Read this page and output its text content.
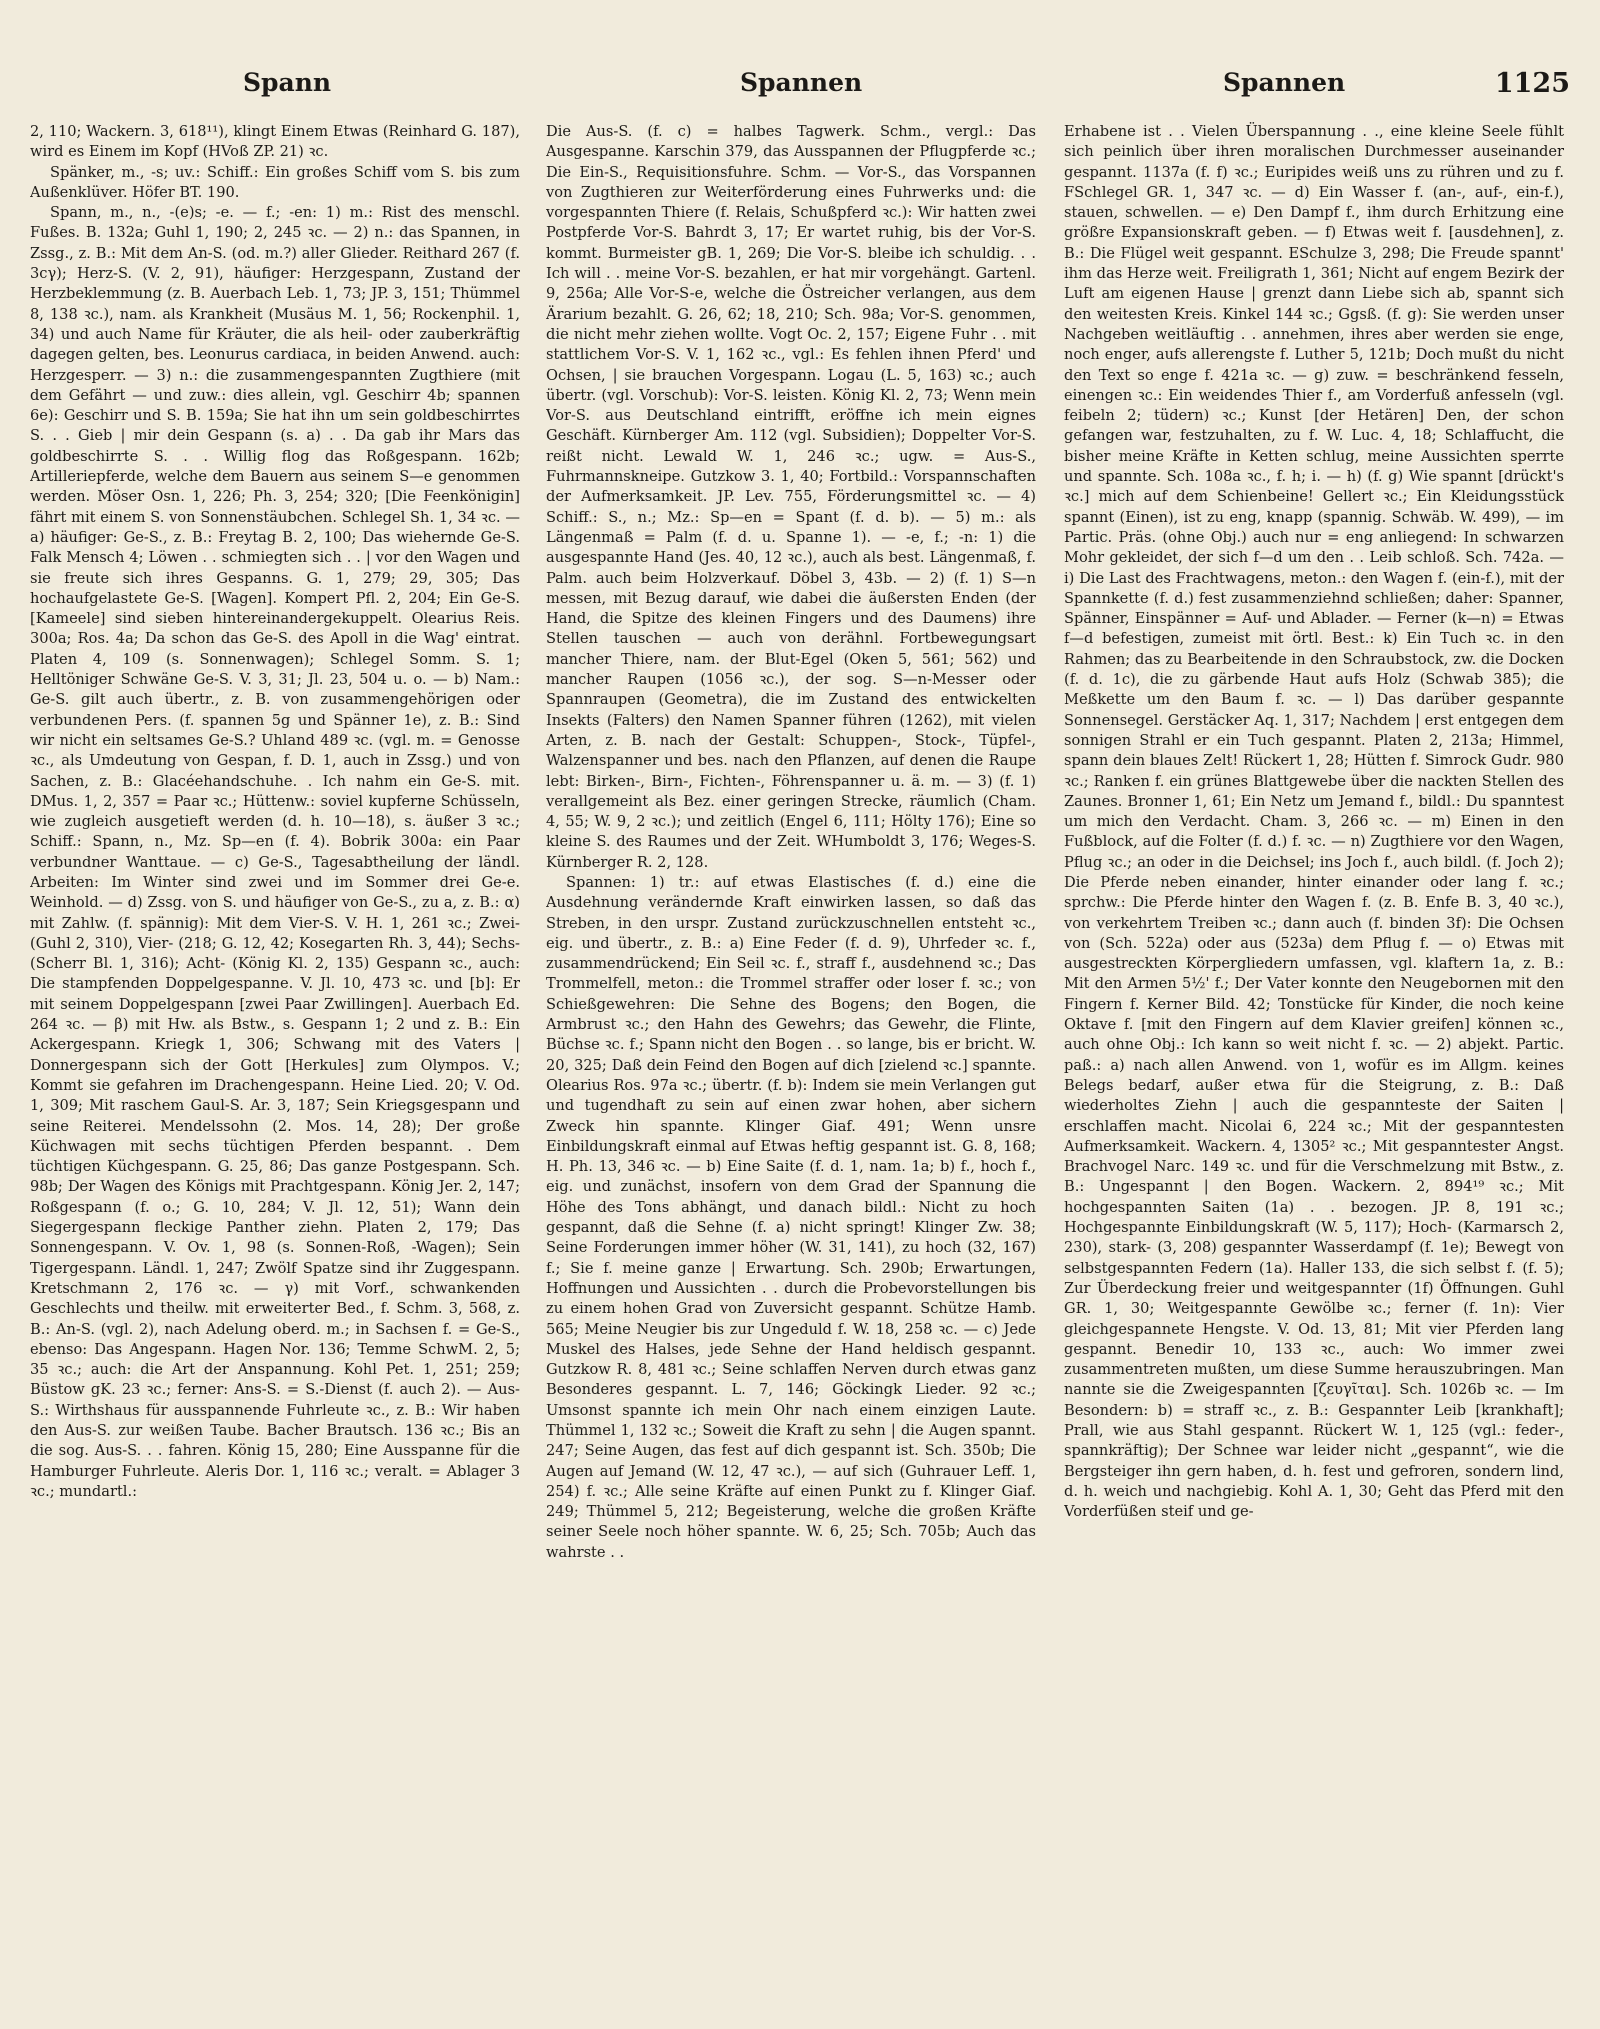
Spann	Spannen	Spannen	1125

2, 110; Wackern. 3, 618¹¹), klingt Einem Etwas (Reinhard G. 187), wird es Einem im Kopf (HVoß ZP. 21) ꝛc.

Spänker, m., -s; uv.: Schiff.: Ein großes Schiff vom S. bis zum Außenklüver. Höfer BT. 190.

Spann, m., n., -(e)s; -e. — f.; -en: 1) m.: Rist des menschl. Fußes. B. 132a; Guhl 1, 190; 2, 245 ꝛc. — 2) n.: das Spannen, in Zssg., z. B.: Mit dem An-S. (od. m.?) aller Glieder. Reithard 267 (f. 3cγ); Herz-S. (V. 2, 91), häufiger: Herzgespann, Zustand der Herzbeklemmung (z. B. Auerbach Leb. 1, 73; JP. 3, 151; Thümmel 8, 138 ꝛc.), nam. als Krankheit (Musäus M. 1, 56; Rockenphil. 1, 34) und auch Name für Kräuter, die als heil- oder zauberkräftig dagegen gelten, bes. Leonurus cardiaca, in beiden Anwend. auch: Herzgesperr. — 3) n.: die zusammengespannten Zugthiere (mit dem Gefährt — und zuw.: dies allein, vgl. Geschirr 4b; spannen 6e): Geschirr und S. B. 159a; Sie hat ihn um sein goldbeschirrtes S. . . Gieb | mir dein Gespann (s. a) . . Da gab ihr Mars das goldbeschirrte S. . . Willig flog das Roßgespann. 162b; Artilleriepferde, welche dem Bauern aus seinem S—e genommen werden. Möser Osn. 1, 226; Ph. 3, 254; 320; [Die Feenkönigin] fährt mit einem S. von Sonnenstäubchen. Schlegel Sh. 1, 34 ꝛc. — a) häufiger: Ge-S., z. B.: Freytag B. 2, 100; Das wiehernde Ge-S. Falk Mensch 4; Löwen . . schmiegten sich . . | vor den Wagen und sie freute sich ihres Gespanns. G. 1, 279; 29, 305; Das hochaufgelastete Ge-S. [Wagen]. Kompert Pfl. 2, 204; Ein Ge-S. [Kameele] sind sieben hintereinandergekuppelt. Olearius Reis. 300a; Ros. 4a; Da schon das Ge-S. des Apoll in die Wag' eintrat. Platen 4, 109 (s. Sonnenwagen); Schlegel Somm. S. 1; Helltöniger Schwäne Ge-S. V. 3, 31; Jl. 23, 504 u. o. — b) Nam.: Ge-S. gilt auch übertr., z. B. von zusammengehörigen oder verbundenen Pers. (f. spannen 5g und Spänner 1e), z. B.: Sind wir nicht ein seltsames Ge-S.? Uhland 489 ꝛc. (vgl. m. = Genosse ꝛc., als Umdeutung von Gespan, f. D. 1, auch in Zssg.) und von Sachen, z. B.: Glacéehandschuhe. . Ich nahm ein Ge-S. mit. DMus. 1, 2, 357 = Paar ꝛc.; Hüttenw.: soviel kupferne Schüsseln, wie zugleich ausgetieft werden (d. h. 10—18), s. äußer 3 ꝛc.; Schiff.: Spann, n., Mz. Sp—en (f. 4). Bobrik 300a: ein Paar verbundner Wanttaue. — c) Ge-S., Tagesabtheilung der ländl. Arbeiten: Im Winter sind zwei und im Sommer drei Ge-e. Weinhold. — d) Zssg. von S. und häufiger von Ge-S., zu a, z. B.: α) mit Zahlw. (f. spännig): Mit dem Vier-S. V. H. 1, 261 ꝛc.; Zwei- (Guhl 2, 310), Vier- (218; G. 12, 42; Kosegarten Rh. 3, 44); Sechs- (Scherr Bl. 1, 316); Acht- (König Kl. 2, 135) Gespann ꝛc., auch: Die stampfenden Doppelgespanne. V. Jl. 10, 473 ꝛc. und [b]: Er mit seinem Doppelgespann [zwei Paar Zwillingen]. Auerbach Ed. 264 ꝛc. — β) mit Hw. als Bstw., s. Gespann 1; 2 und z. B.: Ein Ackergespann. Kriegk 1, 306; Schwang mit des Vaters | Donnergespann sich der Gott [Herkules] zum Olympos. V.; Kommt sie gefahren im Drachengespann. Heine Lied. 20; V. Od. 1, 309; Mit raschem Gaul-S. Ar. 3, 187; Sein Kriegsgespann und seine Reiterei. Mendelssohn (2. Mos. 14, 28); Der große Küchwagen mit sechs tüchtigen Pferden bespannt. . Dem tüchtigen Küchgespann. G. 25, 86; Das ganze Postgespann. Sch. 98b; Der Wagen des Königs mit Prachtgespann. König Jer. 2, 147; Roßgespann (f. o.; G. 10, 284; V. Jl. 12, 51); Wann dein Siegergespann fleckige Panther ziehn. Platen 2, 179; Das Sonnengespann. V. Ov. 1, 98 (s. Sonnen-Roß, -Wagen); Sein Tigergespann. Ländl. 1, 247; Zwölf Spatze sind ihr Zuggespann. Kretschmann 2, 176 ꝛc. — γ) mit Vorf., schwankenden Geschlechts und theilw. mit erweiterter Bed., f. Schm. 3, 568, z. B.: An-S. (vgl. 2), nach Adelung oberd. m.; in Sachsen f. = Ge-S., ebenso: Das Angespann. Hagen Nor. 136; Temme SchwM. 2, 5; 35 ꝛc.; auch: die Art der Anspannung. Kohl Pet. 1, 251; 259; Büstow gK. 23 ꝛc.; ferner: Ans-S. = S.-Dienst (f. auch 2). — Aus-S.: Wirthshaus für ausspannende Fuhrleute ꝛc., z. B.: Wir haben den Aus-S. zur weißen Taube. Bacher Brautsch. 136 ꝛc.; Bis an die sog. Aus-S. . . fahren. König 15, 280; Eine Ausspanne für die Hamburger Fuhrleute. Aleris Dor. 1, 116 ꝛc.; veralt. = Ablager 3 ꝛc.; mundartl.:

Die Aus-S. (f. c) = halbes Tagwerk. Schm., vergl.: Das Ausgespanne. Karschin 379, das Ausspannen der Pflugpferde ꝛc.; Die Ein-S., Requisitionsfuhre. Schm. — Vor-S., das Vorspannen von Zugthieren zur Weiterförderung eines Fuhrwerks und: die vorgespannten Thiere (f. Relais, Schußpferd ꝛc.): Wir hatten zwei Postpferde Vor-S. Bahrdt 3, 17; Er wartet ruhig, bis der Vor-S. kommt. Burmeister gB. 1, 269; Die Vor-S. bleibe ich schuldig. . . Ich will . . meine Vor-S. bezahlen, er hat mir vorgehängt. Gartenl. 9, 256a; Alle Vor-S-e, welche die Östreicher verlangen, aus dem Ärarium bezahlt. G. 26, 62; 18, 210; Sch. 98a; Vor-S. genommen, die nicht mehr ziehen wollte. Vogt Oc. 2, 157; Eigene Fuhr . . mit stattlichem Vor-S. V. 1, 162 ꝛc., vgl.: Es fehlen ihnen Pferd' und Ochsen, | sie brauchen Vorgespann. Logau (L. 5, 163) ꝛc.; auch übertr. (vgl. Vorschub): Vor-S. leisten. König Kl. 2, 73; Wenn mein Vor-S. aus Deutschland eintrifft, eröffne ich mein eignes Geschäft. Kürnberger Am. 112 (vgl. Subsidien); Doppelter Vor-S. reißt nicht. Lewald W. 1, 246 ꝛc.; ugw. = Aus-S., Fuhrmannskneipe. Gutzkow 3. 1, 40; Fortbild.: Vorspannschaften der Aufmerksamkeit. JP. Lev. 755, Förderungsmittel ꝛc. — 4) Schiff.: S., n.; Mz.: Sp—en = Spant (f. d. b). — 5) m.: als Längenmaß = Palm (f. d. u. Spanne 1). — -e, f.; -n: 1) die ausgespannte Hand (Jes. 40, 12 ꝛc.), auch als best. Längenmaß, f. Palm. auch beim Holzverkauf. Döbel 3, 43b. — 2) (f. 1) S—n messen, mit Bezug darauf, wie dabei die äußersten Enden (der Hand, die Spitze des kleinen Fingers und des Daumens) ihre Stellen tauschen — auch von derähnl. Fortbewegungsart mancher Thiere, nam. der Blut-Egel (Oken 5, 561; 562) und mancher Raupen (1056 ꝛc.), der sog. S—n-Messer oder Spannraupen (Geometra), die im Zustand des entwickelten Insekts (Falters) den Namen Spanner führen (1262), mit vielen Arten, z. B. nach der Gestalt: Schuppen-, Stock-, Tüpfel-, Walzenspanner und bes. nach den Pflanzen, auf denen die Raupe lebt: Birken-, Birn-, Fichten-, Föhrenspanner u. ä. m. — 3) (f. 1) verallgemeint als Bez. einer geringen Strecke, räumlich (Cham. 4, 55; W. 9, 2 ꝛc.); und zeitlich (Engel 6, 111; Hölty 176); Eine so kleine S. des Raumes und der Zeit. WHumboldt 3, 176; Weges-S. Kürnberger R. 2, 128.

Spannen: 1) tr.: auf etwas Elastisches (f. d.) eine die Ausdehnung verändernde Kraft einwirken lassen, so daß das Streben, in den urspr. Zustand zurückzuschnellen entsteht ꝛc., eig. und übertr., z. B.: a) Eine Feder (f. d. 9), Uhrfeder ꝛc. f., zusammendrückend; Ein Seil ꝛc. f., straff f., ausdehnend ꝛc.; Das Trommelfell, meton.: die Trommel straffer oder loser f. ꝛc.; von Schießgewehren: Die Sehne des Bogens; den Bogen, die Armbrust ꝛc.; den Hahn des Gewehrs; das Gewehr, die Flinte, Büchse ꝛc. f.; Spann nicht den Bogen . . so lange, bis er bricht. W. 20, 325; Daß dein Feind den Bogen auf dich [zielend ꝛc.] spannte. Olearius Ros. 97a ꝛc.; übertr. (f. b): Indem sie mein Verlangen gut und tugendhaft zu sein auf einen zwar hohen, aber sichern Zweck hin spannte. Klinger Giaf. 491; Wenn unsre Einbildungskraft einmal auf Etwas heftig gespannt ist. G. 8, 168; H. Ph. 13, 346 ꝛc. — b) Eine Saite (f. d. 1, nam. 1a; b) f., hoch f., eig. und zunächst, insofern von dem Grad der Spannung die Höhe des Tons abhängt, und danach bildl.: Nicht zu hoch gespannt, daß die Sehne (f. a) nicht springt! Klinger Zw. 38; Seine Forderungen immer höher (W. 31, 141), zu hoch (32, 167) f.; Sie f. meine ganze | Erwartung. Sch. 290b; Erwartungen, Hoffnungen und Aussichten . . durch die Probevorstellungen bis zu einem hohen Grad von Zuversicht gespannt. Schütze Hamb. 565; Meine Neugier bis zur Ungeduld f. W. 18, 258 ꝛc. — c) Jede Muskel des Halses, jede Sehne der Hand heldisch gespannt. Gutzkow R. 8, 481 ꝛc.; Seine schlaffen Nerven durch etwas ganz Besonderes gespannt. L. 7, 146; Göckingk Lieder. 92 ꝛc.; Umsonst spannte ich mein Ohr nach einem einzigen Laute. Thümmel 1, 132 ꝛc.; Soweit die Kraft zu sehn | die Augen spannt. 247; Seine Augen, das fest auf dich gespannt ist. Sch. 350b; Die Augen auf Jemand (W. 12, 47 ꝛc.), — auf sich (Guhrauer Leff. 1, 254) f. ꝛc.; Alle seine Kräfte auf einen Punkt zu f. Klinger Giaf. 249; Thümmel 5, 212; Begeisterung, welche die großen Kräfte seiner Seele noch höher spannte. W. 6, 25; Sch. 705b; Auch das wahrste . .

Erhabene ist . . Vielen Überspannung . ., eine kleine Seele fühlt sich peinlich über ihren moralischen Durchmesser auseinander gespannt. 1137a (f. f) ꝛc.; Euripides weiß uns zu rühren und zu f. FSchlegel GR. 1, 347 ꝛc. — d) Ein Wasser f. (an-, auf-, ein-f.), stauen, schwellen. — e) Den Dampf f., ihm durch Erhitzung eine größre Expansionskraft geben. — f) Etwas weit f. [ausdehnen], z. B.: Die Flügel weit gespannt. ESchulze 3, 298; Die Freude spannt' ihm das Herze weit. Freiligrath 1, 361; Nicht auf engem Bezirk der Luft am eigenen Hause | grenzt dann Liebe sich ab, spannt sich den weitesten Kreis. Kinkel 144 ꝛc.; Ggsß. (f. g): Sie werden unser Nachgeben weitläuftig . . annehmen, ihres aber werden sie enge, noch enger, aufs allerengste f. Luther 5, 121b; Doch mußt du nicht den Text so enge f. 421a ꝛc. — g) zuw. = beschränkend fesseln, einengen ꝛc.: Ein weidendes Thier f., am Vorderfuß anfesseln (vgl. feibeln 2; tüdern) ꝛc.; Kunst [der Hetären] Den, der schon gefangen war, festzuhalten, zu f. W. Luc. 4, 18; Schlaffucht, die bisher meine Kräfte in Ketten schlug, meine Aussichten sperrte und spannte. Sch. 108a ꝛc., f. h; i. — h) (f. g) Wie spannt [drückt's ꝛc.] mich auf dem Schienbeine! Gellert ꝛc.; Ein Kleidungsstück spannt (Einen), ist zu eng, knapp (spannig. Schwäb. W. 499), — im Partic. Präs. (ohne Obj.) auch nur = eng anliegend: In schwarzen Mohr gekleidet, der sich f—d um den . . Leib schloß. Sch. 742a. — i) Die Last des Frachtwagens, meton.: den Wagen f. (ein-f.), mit der Spannkette (f. d.) fest zusammenziehnd schließen; daher: Spanner, Spänner, Einspänner = Auf- und Ablader. — Ferner (k—n) = Etwas f—d befestigen, zumeist mit örtl. Best.: k) Ein Tuch ꝛc. in den Rahmen; das zu Bearbeitende in den Schraubstock, zw. die Docken (f. d. 1c), die zu gärbende Haut aufs Holz (Schwab 385); die Meßkette um den Baum f. ꝛc. — l) Das darüber gespannte Sonnensegel. Gerstäcker Aq. 1, 317; Nachdem | erst entgegen dem sonnigen Strahl er ein Tuch gespannt. Platen 2, 213a; Himmel, spann dein blaues Zelt! Rückert 1, 28; Hütten f. Simrock Gudr. 980 ꝛc.; Ranken f. ein grünes Blattgewebe über die nackten Stellen des Zaunes. Bronner 1, 61; Ein Netz um Jemand f., bildl.: Du spanntest um mich den Verdacht. Cham. 3, 266 ꝛc. — m) Einen in den Fußblock, auf die Folter (f. d.) f. ꝛc. — n) Zugthiere vor den Wagen, Pflug ꝛc.; an oder in die Deichsel; ins Joch f., auch bildl. (f. Joch 2); Die Pferde neben einander, hinter einander oder lang f. ꝛc.; sprchw.: Die Pferde hinter den Wagen f. (z. B. Enfe B. 3, 40 ꝛc.), von verkehrtem Treiben ꝛc.; dann auch (f. binden 3f): Die Ochsen von (Sch. 522a) oder aus (523a) dem Pflug f. — o) Etwas mit ausgestreckten Körpergliedern umfassen, vgl. klaftern 1a, z. B.: Mit den Armen 5½' f.; Der Vater konnte den Neugebornen mit den Fingern f. Kerner Bild. 42; Tonstücke für Kinder, die noch keine Oktave f. [mit den Fingern auf dem Klavier greifen] können ꝛc., auch ohne Obj.: Ich kann so weit nicht f. ꝛc. — 2) abjekt. Partic. paß.: a) nach allen Anwend. von 1, wofür es im Allgm. keines Belegs bedarf, außer etwa für die Steigrung, z. B.: Daß wiederholtes Ziehn | auch die gespannteste der Saiten | erschlaffen macht. Nicolai 6, 224 ꝛc.; Mit der gespanntesten Aufmerksamkeit. Wackern. 4, 1305² ꝛc.; Mit gespanntester Angst. Brachvogel Narc. 149 ꝛc. und für die Verschmelzung mit Bstw., z. B.: Ungespannt | den Bogen. Wackern. 2, 894¹⁹ ꝛc.; Mit hochgespannten Saiten (1a) . . bezogen. JP. 8, 191 ꝛc.; Hochgespannte Einbildungskraft (W. 5, 117); Hoch- (Karmarsch 2, 230), stark- (3, 208) gespannter Wasserdampf (f. 1e); Bewegt von selbstgespannten Federn (1a). Haller 133, die sich selbst f. (f. 5); Zur Überdeckung freier und weitgespannter (1f) Öffnungen. Guhl GR. 1, 30; Weitgespannte Gewölbe ꝛc.; ferner (f. 1n): Vier gleichgespannete Hengste. V. Od. 13, 81; Mit vier Pferden lang gespannt. Benedir 10, 133 ꝛc., auch: Wo immer zwei zusammentreten mußten, um diese Summe herauszubringen. Man nannte sie die Zweigespannten [ζευγῖται]. Sch. 1026b ꝛc. — Im Besondern: b) = straff ꝛc., z. B.: Gespannter Leib [krankhaft]; Prall, wie aus Stahl gespannt. Rückert W. 1, 125 (vgl.: feder-, spannkräftig); Der Schnee war leider nicht „gespannt“, wie die Bergsteiger ihn gern haben, d. h. fest und gefroren, sondern lind, d. h. weich und nachgiebig. Kohl A. 1, 30; Geht das Pferd mit den Vorderfüßen steif und ge-
